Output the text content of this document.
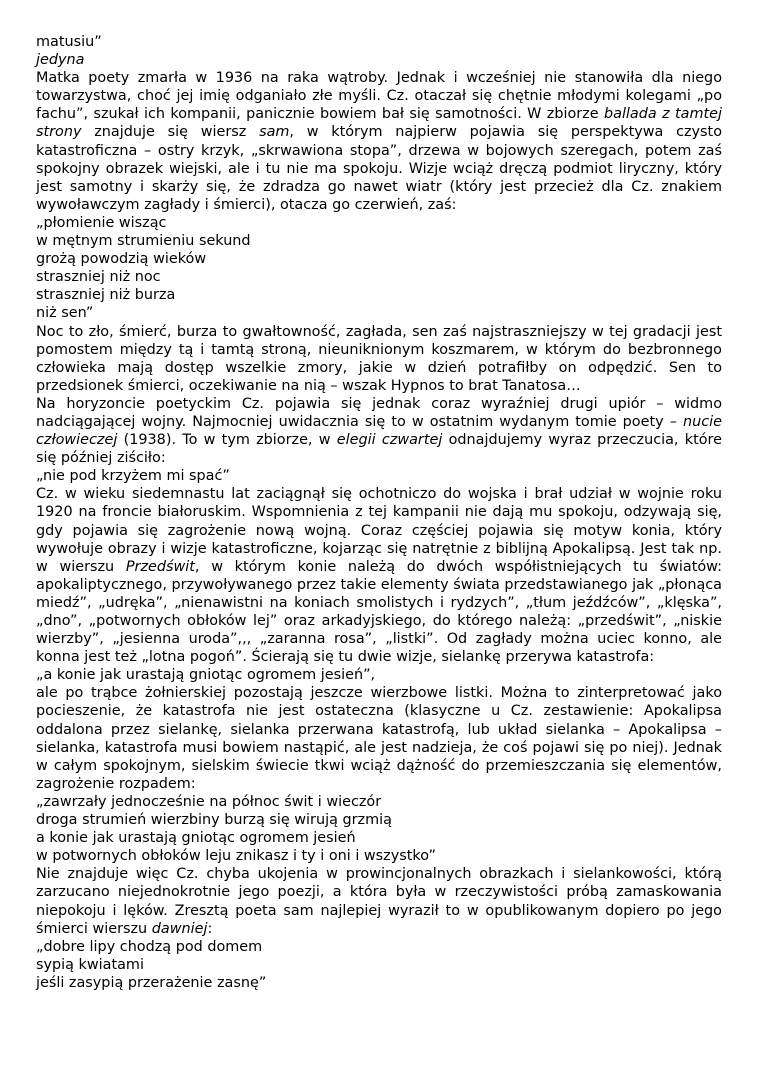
matusiu”
jedyna
Matka poety zmarła w 1936 na raka wątroby. Jednak i wcześniej nie stanowiła dla niego towarzystwa, choć jej imię odganiało złe myśli. Cz. otaczał się chętnie młodymi kolegami „po fachu”, szukał ich kompanii, panicznie bowiem bał się samotności. W zbiorze ballada z tamtej strony znajduje się wiersz sam, w którym najpierw pojawia się perspektywa czysto katastroficzna – ostry krzyk, „skrwawiona stopa”, drzewa w bojowych szeregach, potem zaś spokojny obrazek wiejski, ale i tu nie ma spokoju. Wizje wciąż dręczą podmiot liryczny, który jest samotny i skarży się, że zdradza go nawet wiatr (który jest przecież dla Cz. znakiem wywoławczym zagłady i śmierci), otacza go czerwień, zaś:
„płomienie wisząc
w mętnym strumieniu sekund
grożą powodzią wieków
straszniej niż noc
straszniej niż burza
niż sen”
Noc to zło, śmierć, burza to gwałtowność, zagłada, sen zaś najstraszniejszy w tej gradacji jest pomostem między tą i tamtą stroną, nieuniknionym koszmarem, w którym do bezbronnego człowieka mają dostęp wszelkie zmory, jakie w dzień potrafiłby on odpędzić. Sen to przedsionek śmierci, oczekiwanie na nią – wszak Hypnos to brat Tanatosa…
Na horyzoncie poetyckim Cz. pojawia się jednak coraz wyraźniej drugi upiór – widmo nadciągającej wojny. Najmocniej uwidacznia się to w ostatnim wydanym tomie poety – nucie człowieczej (1938). To w tym zbiorze, w elegii czwartej odnajdujemy wyraz przeczucia, które się później ziściło:
„nie pod krzyżem mi spać”
Cz. w wieku siedemnastu lat zaciągnął się ochotniczo do wojska i brał udział w wojnie roku 1920 na froncie białoruskim. Wspomnienia z tej kampanii nie dają mu spokoju, odzywają się, gdy pojawia się zagrożenie nową wojną. Coraz częściej pojawia się motyw konia, który wywołuje obrazy i wizje katastroficzne, kojarząc się natrętnie z biblijną Apokalipsą. Jest tak np. w wierszu Przedświt, w którym konie należą do dwóch współistniejących tu światów: apokaliptycznego, przywoływanego przez takie elementy świata przedstawianego jak „płonąca miedź”, „udręka”, „nienawistni na koniach smolistych i rydzych”, „tłum jeźdźców”, „klęska”, „dno”, „potwornych obłoków lej” oraz arkadyjskiego, do którego należą: „przedświt”, „niskie wierzby”, „jesienna uroda”,,, „zaranna rosa”, „listki”. Od zagłady można uciec konno, ale konna jest też „lotna pogoń”. Ścierają się tu dwie wizje, sielankę przerywa katastrofa:
„a konie jak urastają gniotąc ogromem jesień”,
ale po trąbce żołnierskiej pozostają jeszcze wierzbowe listki. Można to zinterpretować jako pocieszenie, że katastrofa nie jest ostateczna (klasyczne u Cz. zestawienie: Apokalipsa oddalona przez sielankę, sielanka przerwana katastrofą, lub układ sielanka – Apokalipsa – sielanka, katastrofa musi bowiem nastąpić, ale jest nadzieja, że coś pojawi się po niej). Jednak w całym spokojnym, sielskim świecie tkwi wciąż dążność do przemieszczania się elementów, zagrożenie rozpadem:
„zawrzały jednocześnie na północ świt i wieczór
droga strumień wierzbiny burzą się wirują grzmią
a konie jak urastają gniotąc ogromem jesień
w potwornych obłoków leju znikasz i ty i oni i wszystko”
Nie znajduje więc Cz. chyba ukojenia w prowincjonalnych obrazkach i sielankowości, którą zarzucano niejednokrotnie jego poezji, a która była w rzeczywistości próbą zamaskowania niepokoju i lęków. Zresztą poeta sam najlepiej wyraził to w opublikowanym dopiero po jego śmierci wierszu dawniej:
„dobre lipy chodzą pod domem
sypią kwiatami
jeśli zasypią przerażenie zasnę”
